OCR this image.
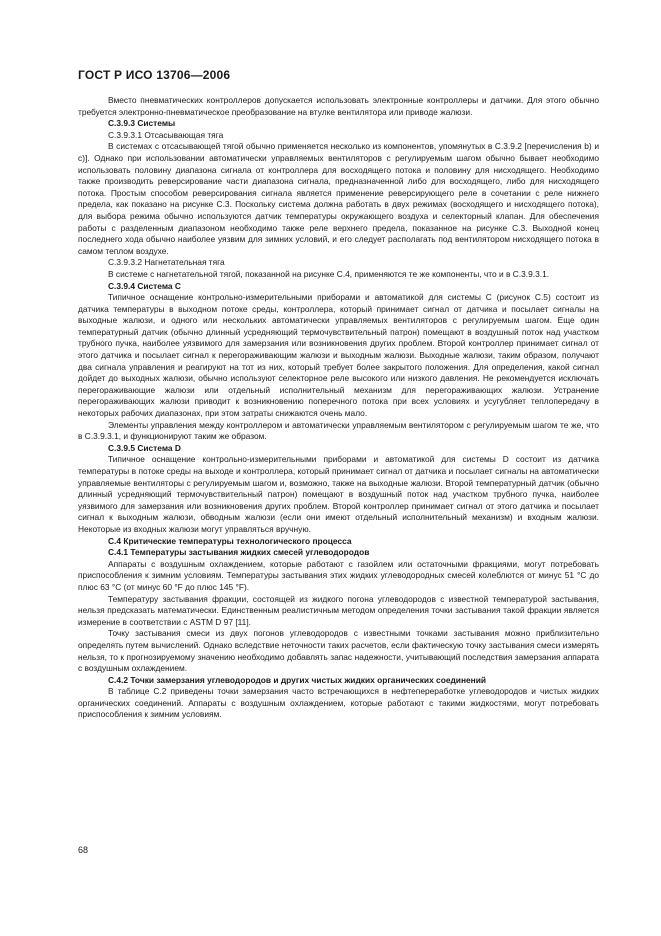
ГОСТ Р ИСО 13706—2006

Вместо пневматических контроллеров допускается использовать электронные контроллеры и датчики. Для этого обычно требуется электронно-пневматическое преобразование на втулке вентилятора или приводе жалюзи.

C.3.9.3 Системы

C.3.9.3.1 Отсасывающая тяга

В системах с отсасывающей тягой обычно применяется несколько из компонентов, упомянутых в C.3.9.2 [перечисления b) и c)]. Однако при использовании автоматически управляемых вентиляторов с регулируемым шагом обычно бывает необходимо использовать половину диапазона сигнала от контроллера для восходящего потока и половину для нисходящего. Необходимо также производить реверсирование части диапазона сигнала, предназначенной либо для восходящего, либо для нисходящего потока. Простым способом реверсирования сигнала является применение реверсирующего реле в сочетании с реле нижнего предела, как показано на рисунке C.3. Поскольку система должна работать в двух режимах (восходящего и нисходящего потока), для выбора режима обычно используются датчик температуры окружающего воздуха и селекторный клапан. Для обеспечения работы с разделенным диапазоном необходимо также реле верхнего предела, показанное на рисунке C.3. Выходной конец последнего хода обычно наиболее уязвим для зимних условий, и его следует располагать под вентилятором нисходящего потока в самом теплом воздухе.

C.3.9.3.2 Нагнетательная тяга

В системе с нагнетательной тягой, показанной на рисунке C.4, применяются те же компоненты, что и в C.3.9.3.1.

C.3.9.4 Система C

Типичное оснащение контрольно-измерительными приборами и автоматикой для системы C (рисунок C.5) состоит из датчика температуры в выходном потоке среды, контроллера, который принимает сигнал от датчика и посылает сигналы на выходные жалюзи, и одного или нескольких автоматически управляемых вентиляторов с регулируемым шагом. Еще один температурный датчик (обычно длинный усредняющий термочувствительный патрон) помещают в воздушный поток над участком трубного пучка, наиболее уязвимого для замерзания или возникновения других проблем. Второй контроллер принимает сигнал от этого датчика и посылает сигнал к перегораживающим жалюзи и выходным жалюзи. Выходные жалюзи, таким образом, получают два сигнала управления и реагируют на тот из них, который требует более закрытого положения. Для определения, какой сигнал дойдет до выходных жалюзи, обычно используют селекторное реле высокого или низкого давления. Не рекомендуется исключать перегораживающие жалюзи или отдельный исполнительный механизм для перегораживающих жалюзи. Устранение перегораживающих жалюзи приводит к возникновению поперечного потока при всех условиях и усугубляет теплопередачу в некоторых рабочих диапазонах, при этом затраты снижаются очень мало.

Элементы управления между контроллером и автоматически управляемым вентилятором с регулируемым шагом те же, что в C.3.9.3.1, и функционируют таким же образом.

C.3.9.5 Система D

Типичное оснащение контрольно-измерительными приборами и автоматикой для системы D состоит из датчика температуры в потоке среды на выходе и контроллера, который принимает сигнал от датчика и посылает сигналы на автоматически управляемые вентиляторы с регулируемым шагом и, возможно, также на выходные жалюзи. Второй температурный датчик (обычно длинный усредняющий термочувствительный патрон) помещают в воздушный поток над участком трубного пучка, наиболее уязвимого для замерзания или возникновения других проблем. Второй контроллер принимает сигнал от этого датчика и посылает сигнал к выходным жалюзи, обводным жалюзи (если они имеют отдельный исполнительный механизм) и входным жалюзи. Некоторые из входных жалюзи могут управляться вручную.

C.4 Критические температуры технологического процесса

C.4.1 Температуры застывания жидких смесей углеводородов

Аппараты с воздушным охлаждением, которые работают с газойлем или остаточными фракциями, могут потребовать приспособления к зимним условиям. Температуры застывания этих жидких углеводородных смесей колеблются от минус 51 °C до плюс 63 °C (от минус 60 °F до плюс 145 °F).

Температуру застывания фракции, состоящей из жидкого погона углеводородов с известной температурой застывания, нельзя предсказать математически. Единственным реалистичным методом определения точки застывания такой фракции является измерение в соответствии с ASTM D 97 [11].

Точку застывания смеси из двух погонов углеводородов с известными точками застывания можно приблизительно определять путем вычислений. Однако вследствие неточности таких расчетов, если фактическую точку застывания смеси измерять нельзя, то к прогнозируемому значению необходимо добавлять запас надежности, учитывающий последствия замерзания аппарата с воздушным охлаждением.

C.4.2 Точки замерзания углеводородов и других чистых жидких органических соединений

В таблице C.2 приведены точки замерзания часто встречающихся в нефтепереработке углеводородов и чистых жидких органических соединений. Аппараты с воздушным охлаждением, которые работают с такими жидкостями, могут потребовать приспособления к зимним условиям.

68
